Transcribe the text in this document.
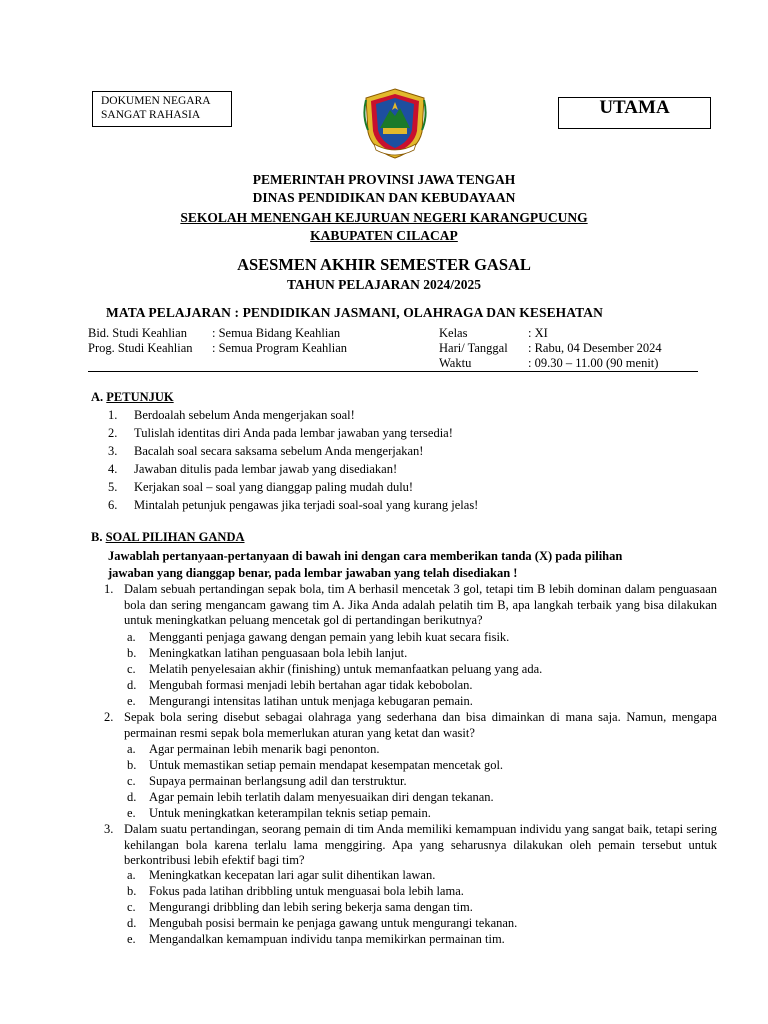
DOKUMEN NEGARA
SANGAT RAHASIA	UTAMA
PEMERINTAH PROVINSI JAWA TENGAH
DINAS PENDIDIKAN DAN KEBUDAYAAN
SEKOLAH MENENGAH KEJURUAN NEGERI KARANGPUCUNG
KABUPATEN CILACAP
ASESMEN AKHIR SEMESTER GASAL
TAHUN PELAJARAN 2024/2025
MATA PELAJARAN : PENDIDIKAN JASMANI, OLAHRAGA DAN KESEHATAN
Bid. Studi Keahlian
Prog. Studi Keahlian
: Semua Bidang Keahlian
: Semua Program Keahlian
Kelas
Hari/ Tanggal
Waktu
: XI
: Rabu, 04 Desember 2024
: 09.30 – 11.00 (90 menit)
A. PETUNJUK
1. Berdoalah sebelum Anda mengerjakan soal!
2. Tulislah identitas diri Anda pada lembar jawaban yang tersedia!
3. Bacalah soal secara saksama sebelum Anda mengerjakan!
4. Jawaban ditulis pada lembar jawab yang disediakan!
5. Kerjakan soal – soal yang dianggap paling mudah dulu!
6. Mintalah petunjuk pengawas jika terjadi soal-soal yang kurang jelas!
B. SOAL PILIHAN GANDA
Jawablah pertanyaan-pertanyaan di bawah ini dengan cara memberikan tanda (X) pada pilihan
jawaban yang dianggap benar, pada lembar jawaban yang telah disediakan !
1. Dalam sebuah pertandingan sepak bola, tim A berhasil mencetak 3 gol, tetapi tim B lebih dominan dalam penguasaan bola dan sering mengancam gawang tim A. Jika Anda adalah pelatih tim B, apa langkah terbaik yang bisa dilakukan untuk meningkatkan peluang mencetak gol di pertandingan berikutnya?
a. Mengganti penjaga gawang dengan pemain yang lebih kuat secara fisik.
b. Meningkatkan latihan penguasaan bola lebih lanjut.
c. Melatih penyelesaian akhir (finishing) untuk memanfaatkan peluang yang ada.
d. Mengubah formasi menjadi lebih bertahan agar tidak kebobolan.
e. Mengurangi intensitas latihan untuk menjaga kebugaran pemain.
2. Sepak bola sering disebut sebagai olahraga yang sederhana dan bisa dimainkan di mana saja. Namun, mengapa permainan resmi sepak bola memerlukan aturan yang ketat dan wasit?
a. Agar permainan lebih menarik bagi penonton.
b. Untuk memastikan setiap pemain mendapat kesempatan mencetak gol.
c. Supaya permainan berlangsung adil dan terstruktur.
d. Agar pemain lebih terlatih dalam menyesuaikan diri dengan tekanan.
e. Untuk meningkatkan keterampilan teknis setiap pemain.
3. Dalam suatu pertandingan, seorang pemain di tim Anda memiliki kemampuan individu yang sangat baik, tetapi sering kehilangan bola karena terlalu lama menggiring. Apa yang seharusnya dilakukan oleh pemain tersebut untuk berkontribusi lebih efektif bagi tim?
a. Meningkatkan kecepatan lari agar sulit dihentikan lawan.
b. Fokus pada latihan dribbling untuk menguasai bola lebih lama.
c. Mengurangi dribbling dan lebih sering bekerja sama dengan tim.
d. Mengubah posisi bermain ke penjaga gawang untuk mengurangi tekanan.
e. Mengandalkan kemampuan individu tanpa memikirkan permainan tim.
